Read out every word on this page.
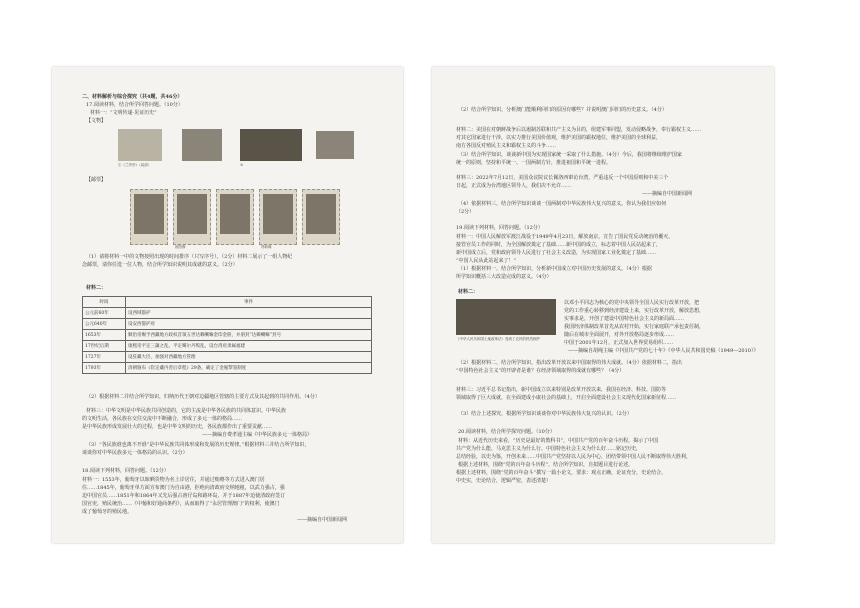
二、材料解析与综合探究（共4题，共46分）
17.阅读材料，结合所学回答问题。（10分）
材料一：“文明传递·见证历史”
【文物】
①《兰亭序》（局部）	③
【邮票】
欧阳修	郑和像
（1）请将材料一中的文物按照出现的时间排序（只写序号）。（2分）材料二展示了一组人物纪
念邮票，请你任选一位人物，结合所学知识说明其成就的意义。（2分）
材料二：
时间	事件
公元前60年	设西域都护
公元640年	设安西都护府
1653年	顺治帝赐予西藏地方政权首领五世达赖喇嘛金印金册，并册封“达赖喇嘛”封号
17世纪后期	康熙帝平定三藩之乱，平定噶尔丹叛乱，设台湾府隶属福建
1727年	设驻藏大臣，加强对西藏地方管理
1793年	清朝颁布《钦定藏内善后章程》29条，确定了金瓶掣签制度
（2）根据材料二并结合所学知识，归纳历代王朝对边疆地区管辖的主要方式及其起到的共同作用。（4分）
材料三：中华文明是中华民族共同创造的，它的主流是中华各民族的共同体意识。中华民族
的文明生活，各民族在交往交流中不断融合，形成了多元一体的格局……
是中华民族形成发展壮大的过程，也是中华文明的历史，各民族都作出了重要贡献……
——摘编自费孝通主编《中华民族多元一体格局》
（3）“各民族谁也离不开谁”是中华民族共同体形成和发展的历史规律。”根据材料三并结合所学知识，
谈谈你对中华民族多元一体格局的认识。（2分）
18.阅读下列材料，回答问题。（12分）
材料一：1553年，葡萄牙以晾晒货物为名上岸居住，并通过贿赂等方式进入澳门居
住……1845年，葡萄牙单方面宣布澳门为自由港，拒绝向清政府交纳地租，以武力强占，强
迫中国官员……1851年和1864年又先后强占凼仔岛和路环岛，并于1887年迫使清政府签订
国官吏，殖民统治……《中葡和好通商条约》，从而取得了“永居管理澳门”的权利，使澳门
成了葡萄牙的殖民地。
——摘编自中国新闻网
（2）结合所学知识，分析澳门能顺利回归的原因有哪些？并说明澳门回归的历史意义。（4分）
材料二：美国在对朝鲜战争后以遏制苏联和共产主义为目的，组建军事同盟，发动侵略战争，奉行霸权主义……
对其它国家进行干涉，以实力推行美国价值观，维护美国的霸权地位，维护美国的全球利益，
南方各国反对殖民主义和霸权主义的斗争……
（3）结合所学知识，谈谈新中国为实现国家统一采取了什么措施。（4分）今后，我国将继续维护国家
统一的原则，坚持和平统一、一国两制方针，推进祖国和平统一进程。
材料三：2022年7月12日，美国众议院议长佩洛西窜访台湾，严重违反一个中国原则和中美三个
日起，正式成为台湾地区领导人，我们决不允许……
——摘编自中国新闻网
（4）依据材料三，结合所学知识谈谈一国两制对中华民族伟大复兴的意义。你认为我们应如何
（2分）
19.阅读下列材料，回答问题。（12分）
材料一：中国人民解放军渡江战役于1949年4月23日，解放南京，宣告了国民党反动统治的覆灭，
接管官员工作的同时，为全国解放奠定了基础……新中国的成立，标志着中国人民站起来了，
新中国成立后，党和政府领导人民进行了社会主义改造，为实现国家工业化奠定了基础……
“中国人民从此站起来了！”
（1）根据材料一，结合所学知识，分析新中国成立对中国历史发展的意义。（4分）根据
所学知识概括三大改造完成的意义。（4分）
材料二：
《中华人民共和国土地改革法》受到了农民的热烈拥护
以邓小平同志为核心的党中央领导全国人民实行改革开放，把
党的工作重心转移到经济建设上来，实行改革开放，解放思想，
实事求是，开创了建设中国特色社会主义的新局面……
我国经济体制改革首先从农村开始，实行家庭联产承包责任制，
随后在城市全面展开，对外开放格局逐步形成……
中国于2001年12月，正式加入世界贸易组织……
——摘编自胡绳主编《中国共产党的七十年》《中华人民共和国史稿（1949—2010）》
（2）根据材料二，结合所学知识，指出改革开放以来中国取得的伟大成就。（4分）依据材料二，指出
“中国特色社会主义”的开辟者是谁？在经济领域取得的成就有哪些？（4分）
材料三：习近平总书记指出，新中国成立以来特别是改革开放以来，我国在经济、科技、国防等
领域取得了巨大成就，在全面建成小康社会的基础上，开启全面建设社会主义现代化国家新征程……
（3）结合上述探究，根据所学知识谈谈你对中华民族伟大复兴的认识。（2分）
20.阅读材料，结合所学探究问题。（10分）
材料：从近代历史来看，“历史是最好的教科书”，中国共产党的百年奋斗历程，揭示了中国
共产党为什么能、马克思主义为什么行、中国特色社会主义为什么好……铭记历史，
总结经验，以史为鉴，开创未来……中国共产党坚持以人民为中心，团结带领中国人民不断取得伟大胜利，
根据上述材料，围绕“党的百年奋斗历程”，结合所学知识，自拟题目进行论述。
根据上述材料，围绕“党的百年奋斗”撰写一篇小论文，要求：观点正确，论证充分，史论结合。
中史实，史论结合，逻辑严密，表述清楚）
